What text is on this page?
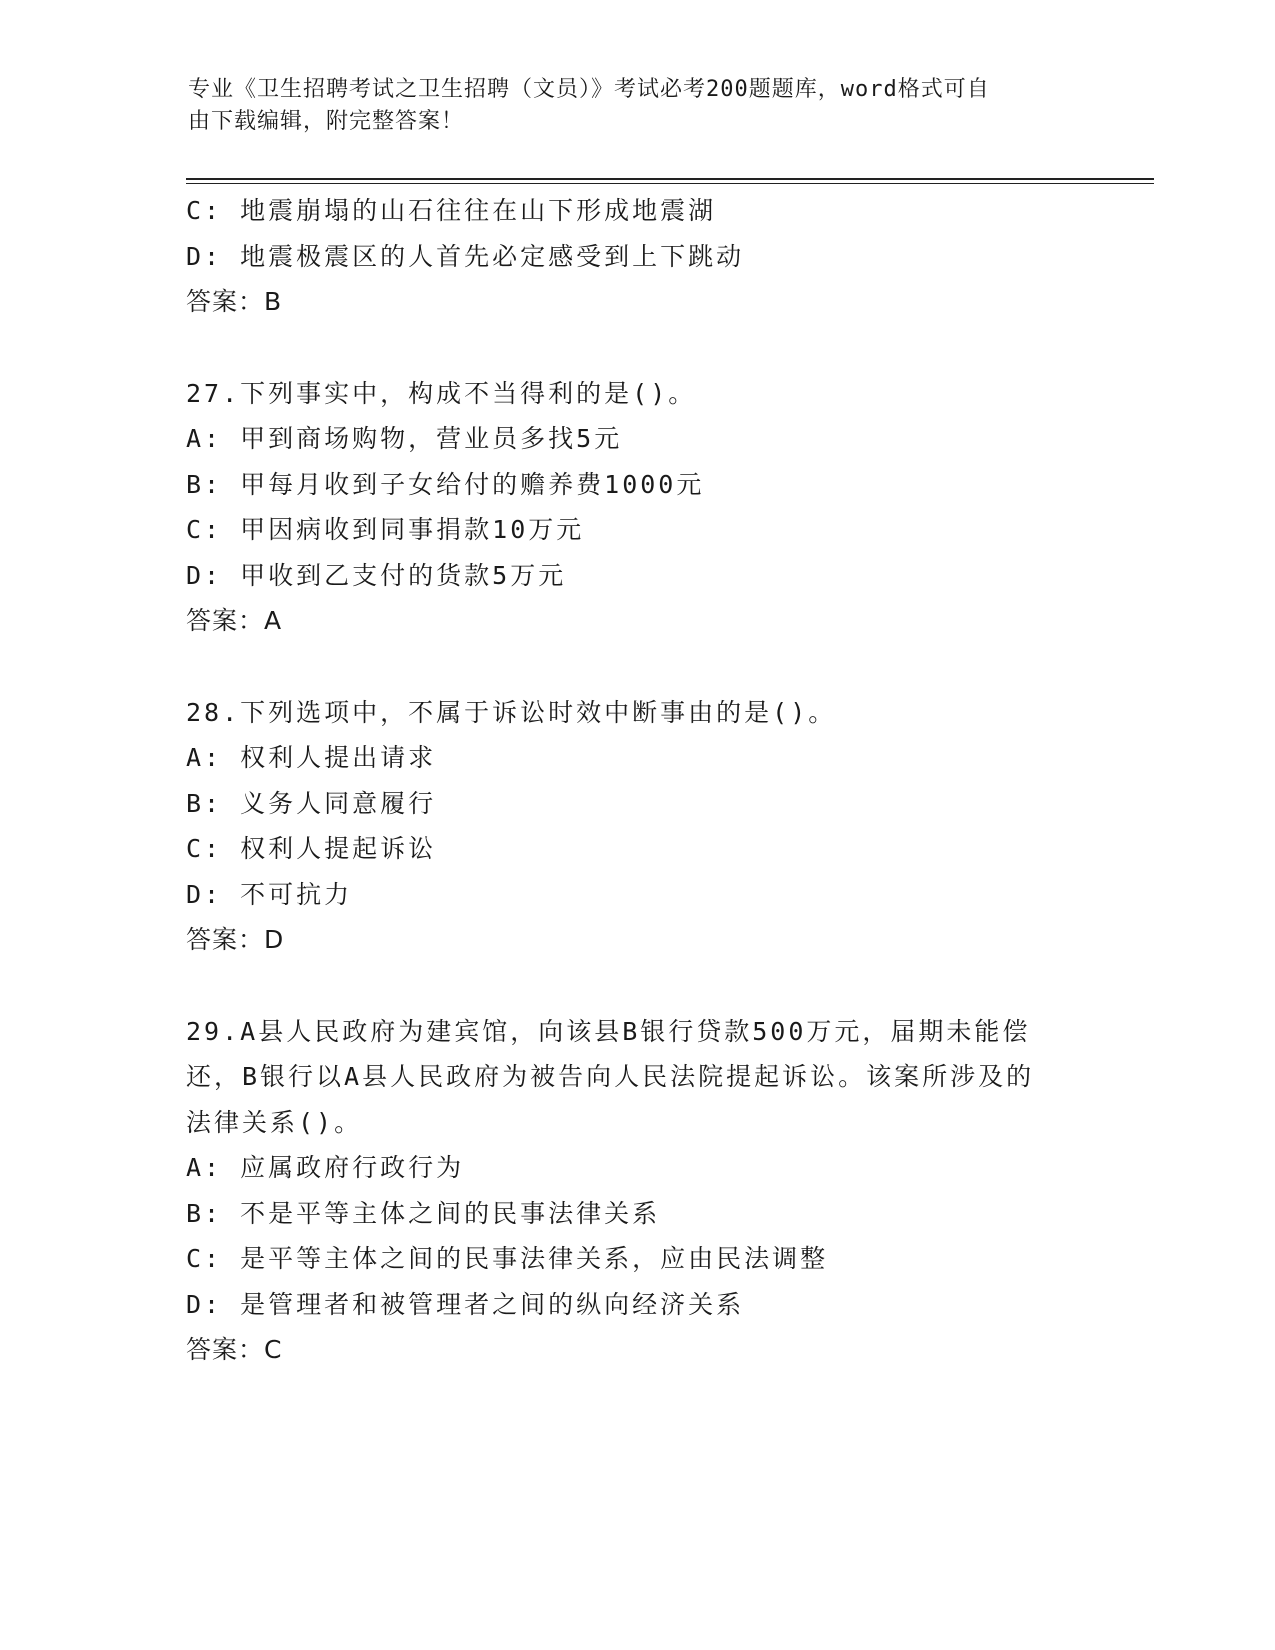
专业《卫生招聘考试之卫生招聘（文员）》考试必考200题题库，word格式可自
由下载编辑，附完整答案！
C: 地震崩塌的山石往往在山下形成地震湖
D: 地震极震区的人首先必定感受到上下跳动
答案：B
27.下列事实中，构成不当得利的是()。
A: 甲到商场购物，营业员多找5元
B: 甲每月收到子女给付的赡养费1000元
C: 甲因病收到同事捐款10万元
D: 甲收到乙支付的货款5万元
答案：A
28.下列选项中，不属于诉讼时效中断事由的是()。
A: 权利人提出请求
B: 义务人同意履行
C: 权利人提起诉讼
D: 不可抗力
答案：D
29.A县人民政府为建宾馆，向该县B银行贷款500万元，届期未能偿
还，B银行以A县人民政府为被告向人民法院提起诉讼。该案所涉及的
法律关系()。
A: 应属政府行政行为
B: 不是平等主体之间的民事法律关系
C: 是平等主体之间的民事法律关系，应由民法调整
D: 是管理者和被管理者之间的纵向经济关系
答案：C
